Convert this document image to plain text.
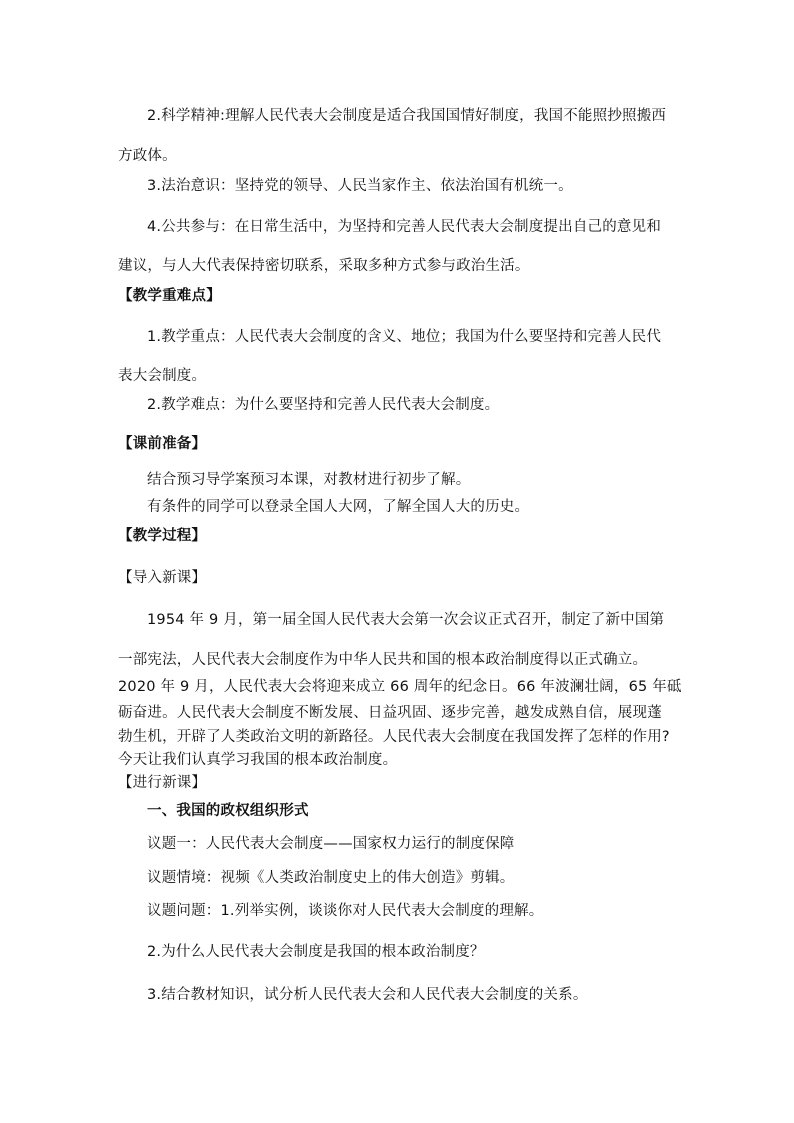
2.科学精神:理解人民代表大会制度是适合我国国情好制度，我国不能照抄照搬西
方政体。
3.法治意识：坚持党的领导、人民当家作主、依法治国有机统一。
4.公共参与：在日常生活中，为坚持和完善人民代表大会制度提出自己的意见和
建议，与人大代表保持密切联系，采取多种方式参与政治生活。
【教学重难点】
1.教学重点：人民代表大会制度的含义、地位；我国为什么要坚持和完善人民代
表大会制度。
2.教学难点：为什么要坚持和完善人民代表大会制度。
【课前准备】
结合预习导学案预习本课，对教材进行初步了解。
有条件的同学可以登录全国人大网，了解全国人大的历史。
【教学过程】
【导入新课】
1954 年 9 月，第一届全国人民代表大会第一次会议正式召开，制定了新中国第
一部宪法，人民代表大会制度作为中华人民共和国的根本政治制度得以正式确立。
2020 年 9 月，人民代表大会将迎来成立 66 周年的纪念日。66 年波澜壮阔，65 年砥
砺奋进。人民代表大会制度不断发展、日益巩固、逐步完善，越发成熟自信，展现蓬
勃生机，开辟了人类政治文明的新路径。人民代表大会制度在我国发挥了怎样的作用?
今天让我们认真学习我国的根本政治制度。
【进行新课】
一、我国的政权组织形式
议题一：人民代表大会制度——国家权力运行的制度保障
议题情境：视频《人类政治制度史上的伟大创造》剪辑。
议题问题：1.列举实例，谈谈你对人民代表大会制度的理解。
2.为什么人民代表大会制度是我国的根本政治制度？
3.结合教材知识，试分析人民代表大会和人民代表大会制度的关系。
